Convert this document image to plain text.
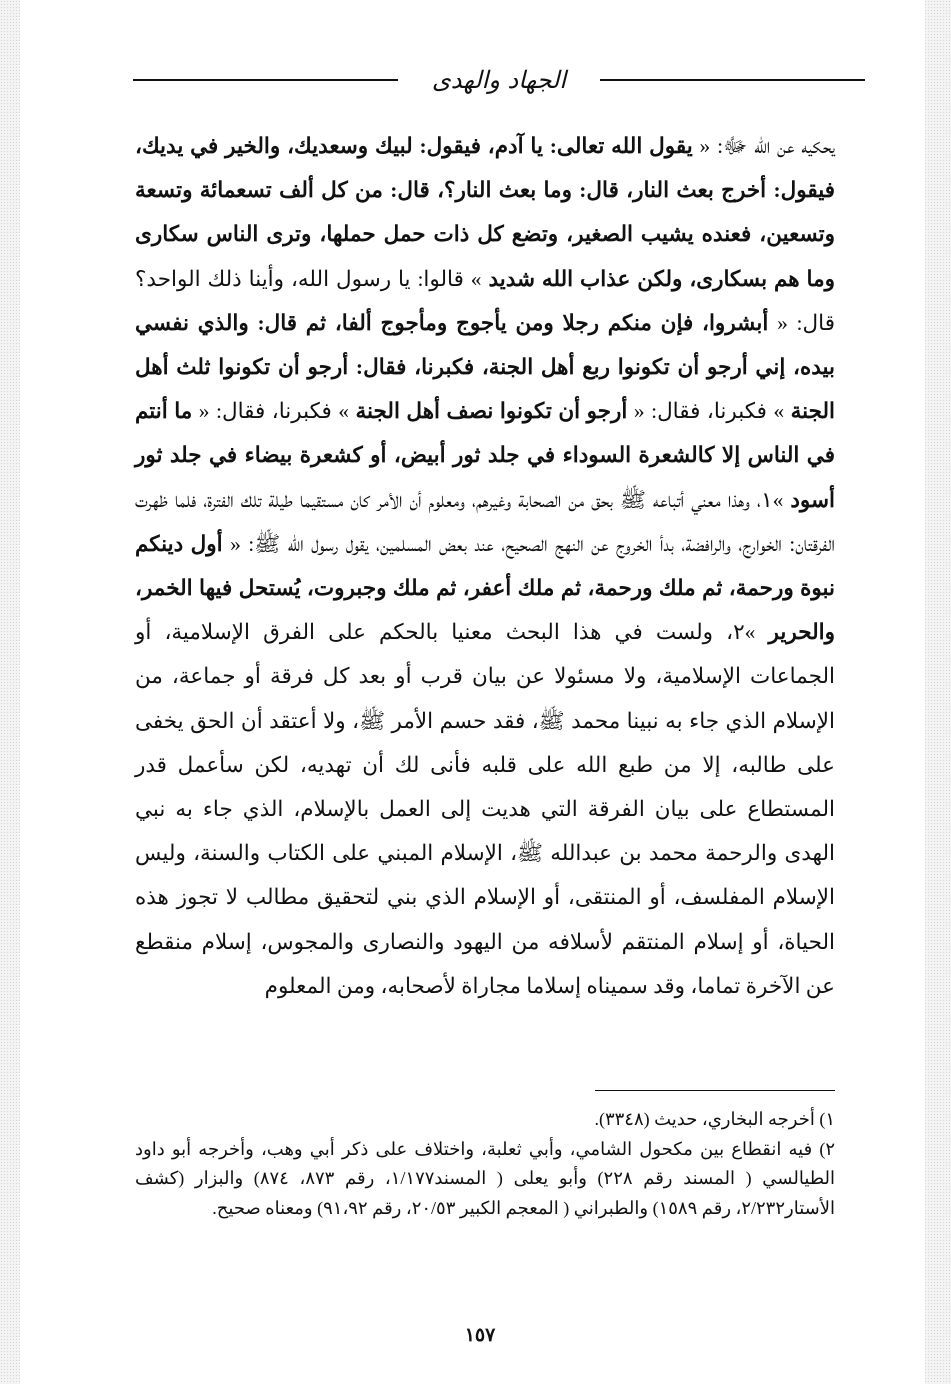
الجهاد والهدى
يحكيه عن الله ﷻ: « يقول الله تعالى: يا آدم، فيقول: لبيك وسعديك، والخير في يديك، فيقول: أخرج بعث النار، قال: وما بعث النار؟، قال: من كل ألف تسعمائة وتسعة وتسعين، فعنده يشيب الصغير، وتضع كل ذات حمل حملها، وترى الناس سكارى وما هم بسكارى، ولكن عذاب الله شديد » قالوا: يا رسول الله، وأينا ذلك الواحد؟ قال: « أبشروا، فإن منكم رجلا ومن يأجوج ومأجوج ألفا، ثم قال: والذي نفسي بيده، إني أرجو أن تكونوا ربع أهل الجنة، فكبرنا، فقال: أرجو أن تكونوا ثلث أهل الجنة » فكبرنا، فقال: « أرجو أن تكونوا نصف أهل الجنة » فكبرنا، فقال: « ما أنتم في الناس إلا كالشعرة السوداء في جلد ثور أبيض، أو كشعرة بيضاء في جلد ثور أسود »١، وهذا معني أتباعه ﷺ بحق من الصحابة وغيرهم، ومعلوم أن الأمر كان مستقيما طيلة تلك الفترة، فلما ظهرت الفرقتان: الخوارج، والرافضة، بدأ الخروج عن النهج الصحيح، عند بعض المسلمين، يقول رسول الله ﷺ: « أول دينكم نبوة ورحمة، ثم ملك ورحمة، ثم ملك أعفر، ثم ملك وجبروت، يُستحل فيها الخمر، والحرير »٢، ولست في هذا البحث معنيا بالحكم على الفرق الإسلامية، أو الجماعات الإسلامية، ولا مسئولا عن بيان قرب أو بعد كل فرقة أو جماعة، من الإسلام الذي جاء به نبينا محمد ﷺ، فقد حسم الأمر ﷺ، ولا أعتقد أن الحق يخفى على طالبه، إلا من طبع الله على قلبه فأنى لك أن تهديه، لكن سأعمل قدر المستطاع على بيان الفرقة التي هديت إلى العمل بالإسلام، الذي جاء به نبي الهدى والرحمة محمد بن عبدالله ﷺ، الإسلام المبني على الكتاب والسنة، وليس الإسلام المفلسف، أو المنتقى، أو الإسلام الذي بني لتحقيق مطالب لا تجوز هذه الحياة، أو إسلام المنتقم لأسلافه من اليهود والنصارى والمجوس، إسلام منقطع عن الآخرة تماما، وقد سميناه إسلاما مجاراة لأصحابه، ومن المعلوم

١) أخرجه البخاري، حديث (٣٣٤٨).

٢) فيه انقطاع بين مكحول الشامي، وأبي ثعلبة، واختلاف على ذكر أبي وهب، وأخرجه أبو داود الطيالسي ( المسند رقم ٢٢٨) وأبو يعلى ( المسند١/١٧٧، رقم ٨٧٣، ٨٧٤) والبزار (كشف الأستار٢/٢٣٢، رقم ١٥٨٩) والطبراني ( المعجم الكبير ٢٠/٥٣، رقم ٩١،٩٢) ومعناه صحيح.

١٥٧
